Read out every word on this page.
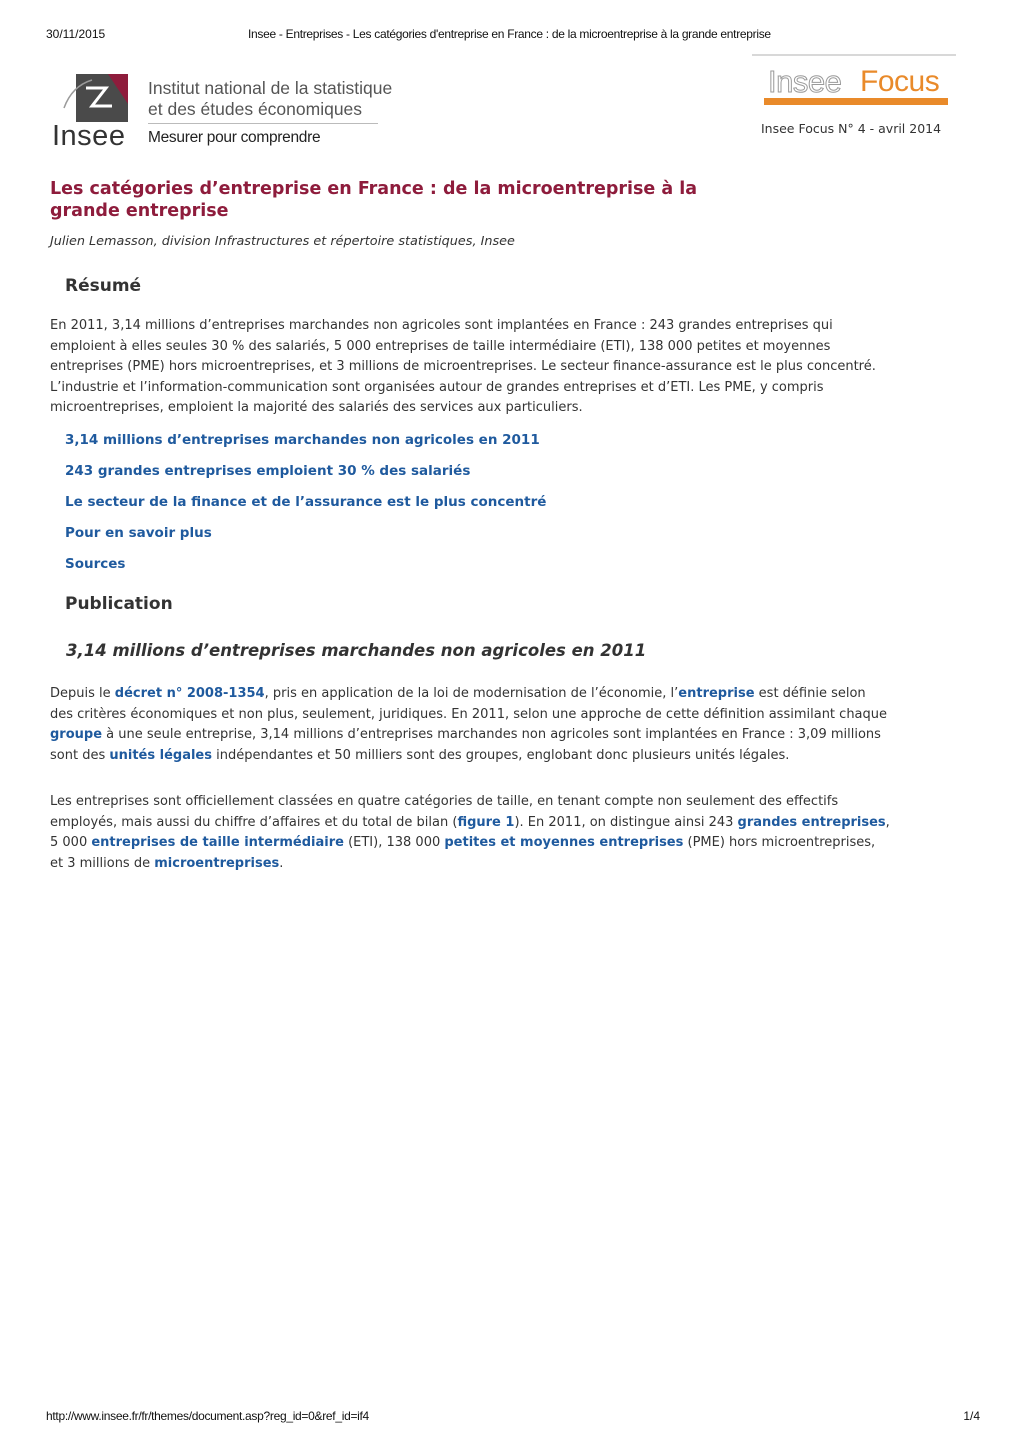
30/11/2015	Insee - Entreprises - Les catégories d'entreprise en France : de la microentreprise à la grande entreprise
Insee
Institut national de la statistique
et des études économiques
Mesurer pour comprendre
Insee Focus
Insee Focus N° 4 - avril 2014
Les catégories d’entreprise en France : de la microentreprise à la grande entreprise
Julien Lemasson, division Infrastructures et répertoire statistiques, Insee
Résumé

En 2011, 3,14 millions d’entreprises marchandes non agricoles sont implantées en France : 243 grandes entreprises qui emploient à elles seules 30 % des salariés, 5 000 entreprises de taille intermédiaire (ETI), 138 000 petites et moyennes entreprises (PME) hors microentreprises, et 3 millions de microentreprises. Le secteur finance-assurance est le plus concentré. L’industrie et l’information-communication sont organisées autour de grandes entreprises et d’ETI. Les PME, y compris microentreprises, emploient la majorité des salariés des services aux particuliers.

3,14 millions d’entreprises marchandes non agricoles en 2011
243 grandes entreprises emploient 30 % des salariés
Le secteur de la finance et de l’assurance est le plus concentré
Pour en savoir plus
Sources
Publication
3,14 millions d’entreprises marchandes non agricoles en 2011

Depuis le décret n° 2008-1354, pris en application de la loi de modernisation de l’économie, l’entreprise est définie selon des critères économiques et non plus, seulement, juridiques. En 2011, selon une approche de cette définition assimilant chaque groupe à une seule entreprise, 3,14 millions d’entreprises marchandes non agricoles sont implantées en France : 3,09 millions sont des unités légales indépendantes et 50 milliers sont des groupes, englobant donc plusieurs unités légales.

Les entreprises sont officiellement classées en quatre catégories de taille, en tenant compte non seulement des effectifs employés, mais aussi du chiffre d’affaires et du total de bilan (figure 1). En 2011, on distingue ainsi 243 grandes entreprises, 5 000 entreprises de taille intermédiaire (ETI), 138 000 petites et moyennes entreprises (PME) hors microentreprises, et 3 millions de microentreprises.

http://www.insee.fr/fr/themes/document.asp?reg_id=0&ref_id=if4	1/4
